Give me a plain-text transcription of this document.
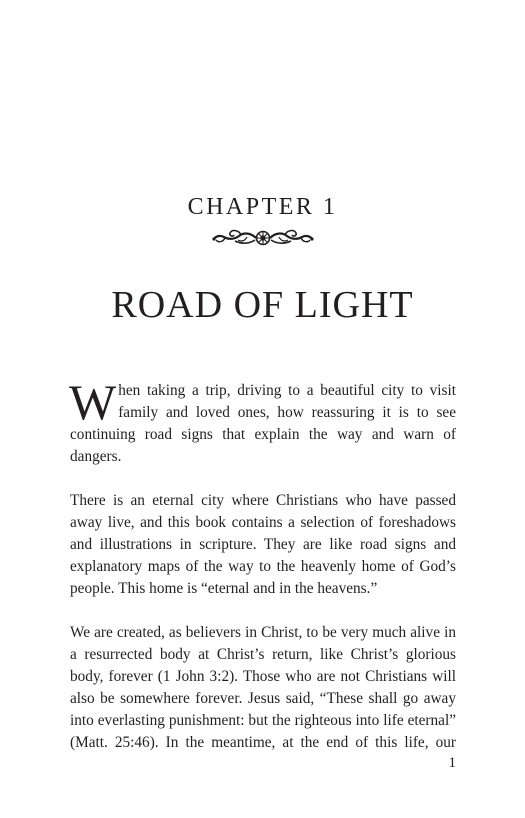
CHAPTER 1
ROAD OF LIGHT

When taking a trip, driving to a beautiful city to visit family and loved ones, how reassuring it is to see continuing road signs that explain the way and warn of dangers.

There is an eternal city where Christians who have passed away live, and this book contains a selection of foreshadows and illustrations in scripture. They are like road signs and explanatory maps of the way to the heavenly home of God’s people. This home is “eternal and in the heavens.”

We are created, as believers in Christ, to be very much alive in a resurrected body at Christ’s return, like Christ’s glorious body, forever (1 John 3:2). Those who are not Christians will also be somewhere forever. Jesus said, “These shall go away into everlasting punishment: but the righteous into life eternal” (Matt. 25:46). In the meantime, at the end of this life, our

1
